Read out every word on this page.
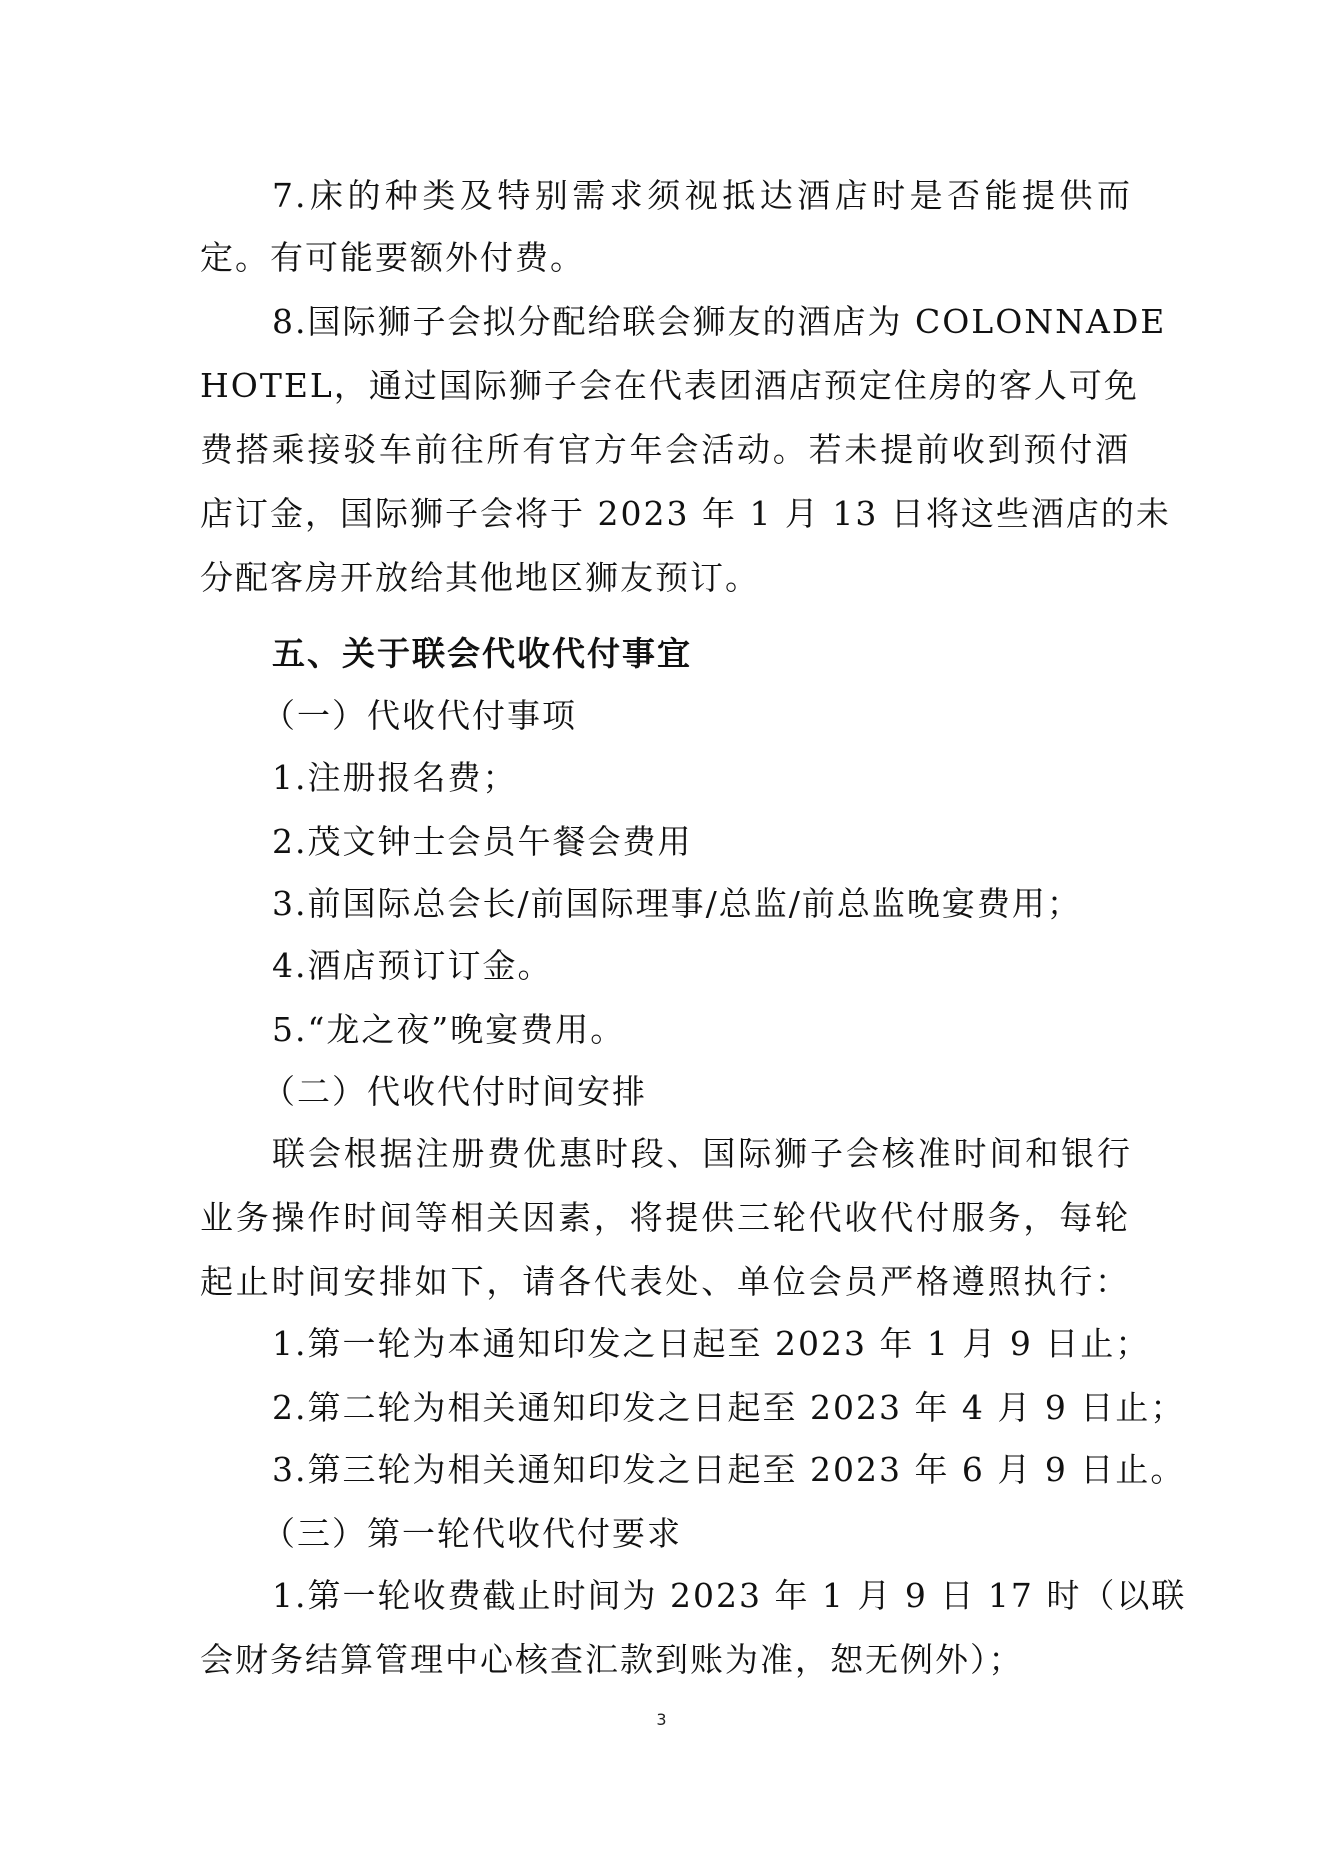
7.床的种类及特别需求须视抵达酒店时是否能提供而
定。有可能要额外付费。
8.国际狮子会拟分配给联会狮友的酒店为 COLONNADE
HOTEL，通过国际狮子会在代表团酒店预定住房的客人可免
费搭乘接驳车前往所有官方年会活动。若未提前收到预付酒
店订金，国际狮子会将于 2023 年 1 月 13 日将这些酒店的未
分配客房开放给其他地区狮友预订。
五、关于联会代收代付事宜
（一）代收代付事项
1.注册报名费；
2.茂文钟士会员午餐会费用
3.前国际总会长/前国际理事/总监/前总监晚宴费用；
4.酒店预订订金。
5.“龙之夜”晚宴费用。
（二）代收代付时间安排
联会根据注册费优惠时段、国际狮子会核准时间和银行
业务操作时间等相关因素，将提供三轮代收代付服务，每轮
起止时间安排如下，请各代表处、单位会员严格遵照执行：
1.第一轮为本通知印发之日起至 2023 年 1 月 9 日止；
2.第二轮为相关通知印发之日起至 2023 年 4 月 9 日止；
3.第三轮为相关通知印发之日起至 2023 年 6 月 9 日止。
（三）第一轮代收代付要求
1.第一轮收费截止时间为 2023 年 1 月 9 日 17 时（以联
会财务结算管理中心核查汇款到账为准，恕无例外）；
3
